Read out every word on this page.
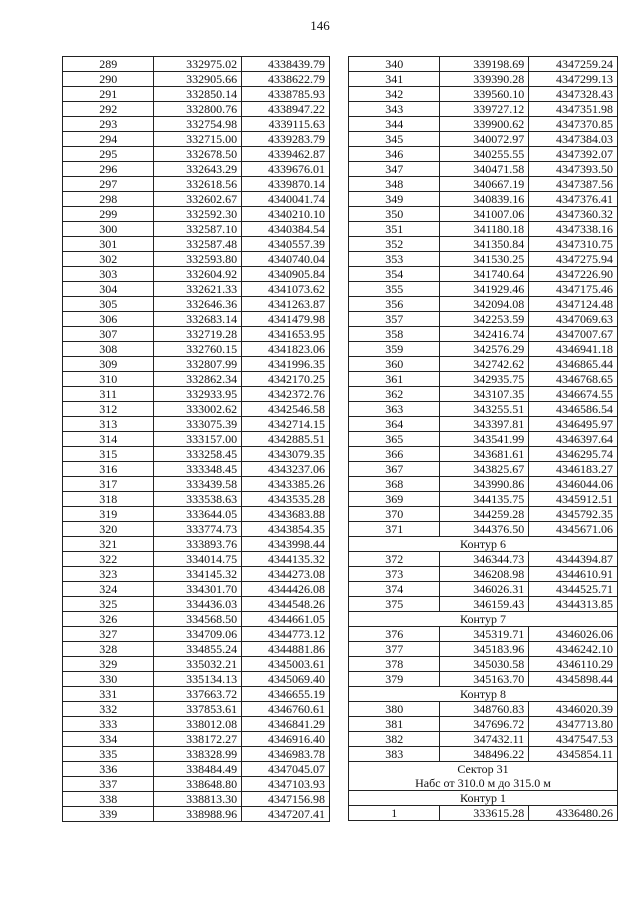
146
289	332975.02	4338439.79
290	332905.66	4338622.79
291	332850.14	4338785.93
292	332800.76	4338947.22
293	332754.98	4339115.63
294	332715.00	4339283.79
295	332678.50	4339462.87
296	332643.29	4339676.01
297	332618.56	4339870.14
298	332602.67	4340041.74
299	332592.30	4340210.10
300	332587.10	4340384.54
301	332587.48	4340557.39
302	332593.80	4340740.04
303	332604.92	4340905.84
304	332621.33	4341073.62
305	332646.36	4341263.87
306	332683.14	4341479.98
307	332719.28	4341653.95
308	332760.15	4341823.06
309	332807.99	4341996.35
310	332862.34	4342170.25
311	332933.95	4342372.76
312	333002.62	4342546.58
313	333075.39	4342714.15
314	333157.00	4342885.51
315	333258.45	4343079.35
316	333348.45	4343237.06
317	333439.58	4343385.26
318	333538.63	4343535.28
319	333644.05	4343683.88
320	333774.73	4343854.35
321	333893.76	4343998.44
322	334014.75	4344135.32
323	334145.32	4344273.08
324	334301.70	4344426.08
325	334436.03	4344548.26
326	334568.50	4344661.05
327	334709.06	4344773.12
328	334855.24	4344881.86
329	335032.21	4345003.61
330	335134.13	4345069.40
331	337663.72	4346655.19
332	337853.61	4346760.61
333	338012.08	4346841.29
334	338172.27	4346916.40
335	338328.99	4346983.78
336	338484.49	4347045.07
337	338648.80	4347103.93
338	338813.30	4347156.98
339	338988.96	4347207.41
340	339198.69	4347259.24
341	339390.28	4347299.13
342	339560.10	4347328.43
343	339727.12	4347351.98
344	339900.62	4347370.85
345	340072.97	4347384.03
346	340255.55	4347392.07
347	340471.58	4347393.50
348	340667.19	4347387.56
349	340839.16	4347376.41
350	341007.06	4347360.32
351	341180.18	4347338.16
352	341350.84	4347310.75
353	341530.25	4347275.94
354	341740.64	4347226.90
355	341929.46	4347175.46
356	342094.08	4347124.48
357	342253.59	4347069.63
358	342416.74	4347007.67
359	342576.29	4346941.18
360	342742.62	4346865.44
361	342935.75	4346768.65
362	343107.35	4346674.55
363	343255.51	4346586.54
364	343397.81	4346495.97
365	343541.99	4346397.64
366	343681.61	4346295.74
367	343825.67	4346183.27
368	343990.86	4346044.06
369	344135.75	4345912.51
370	344259.28	4345792.35
371	344376.50	4345671.06
Контур 6		
372	346344.73	4344394.87
373	346208.98	4344610.91
374	346026.31	4344525.71
375	346159.43	4344313.85
Контур 7		
376	345319.71	4346026.06
377	345183.96	4346242.10
378	345030.58	4346110.29
379	345163.70	4345898.44
Контур 8		
380	348760.83	4346020.39
381	347696.72	4347713.80
382	347432.11	4347547.53
383	348496.22	4345854.11

Сектор 31
Набс от 310.0 м до 315.0 м		

Контур 1		
1	333615.28	4336480.26
